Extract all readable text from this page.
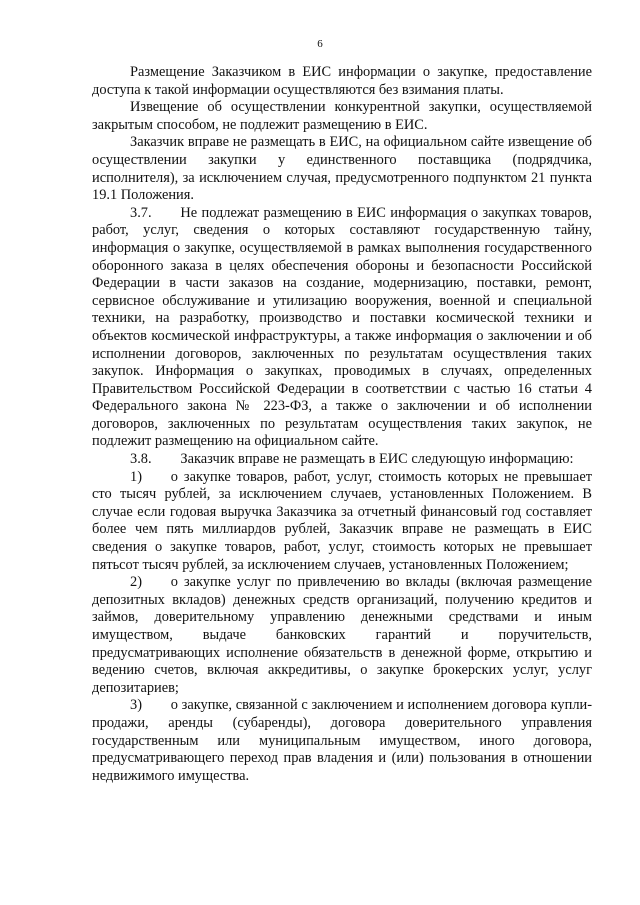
6

Размещение Заказчиком в ЕИС информации о закупке, предоставление доступа к такой информации осуществляются без взимания платы.

Извещение об осуществлении конкурентной закупки, осуществляемой закрытым способом, не подлежит размещению в ЕИС.

Заказчик вправе не размещать в ЕИС, на официальном сайте извещение об осуществлении закупки у единственного поставщика (подрядчика, исполнителя), за исключением случая, предусмотренного подпунктом 21 пункта 19.1 Положения.

3.7.  Не подлежат размещению в ЕИС информация о закупках товаров, работ, услуг, сведения о которых составляют государственную тайну, информация о закупке, осуществляемой в рамках выполнения государственного оборонного заказа в целях обеспечения обороны и безопасности Российской Федерации в части заказов на создание, модернизацию, поставки, ремонт, сервисное обслуживание и утилизацию вооружения, военной и специальной техники, на разработку, производство и поставки космической техники и объектов космической инфраструктуры, а также информация о заключении и об исполнении договоров, заключенных по результатам осуществления таких закупок. Информация о закупках, проводимых в случаях, определенных Правительством Российской Федерации в соответствии с частью 16 статьи 4 Федерального закона № 223-ФЗ, а также о заключении и об исполнении договоров, заключенных по результатам осуществления таких закупок, не подлежит размещению на официальном сайте.

3.8.  Заказчик вправе не размещать в ЕИС следующую информацию:

1)  о закупке товаров, работ, услуг, стоимость которых не превышает сто тысяч рублей, за исключением случаев, установленных Положением. В случае если годовая выручка Заказчика за отчетный финансовый год составляет более чем пять миллиардов рублей, Заказчик вправе не размещать в ЕИС сведения о закупке товаров, работ, услуг, стоимость которых не превышает пятьсот тысяч рублей, за исключением случаев, установленных Положением;

2)  о закупке услуг по привлечению во вклады (включая размещение депозитных вкладов) денежных средств организаций, получению кредитов и займов, доверительному управлению денежными средствами и иным имуществом, выдаче банковских гарантий и поручительств, предусматривающих исполнение обязательств в денежной форме, открытию и ведению счетов, включая аккредитивы, о закупке брокерских услуг, услуг депозитариев;

3)  о закупке, связанной с заключением и исполнением договора купли-продажи, аренды (субаренды), договора доверительного управления государственным или муниципальным имуществом, иного договора, предусматривающего переход прав владения и (или) пользования в отношении недвижимого имущества.
